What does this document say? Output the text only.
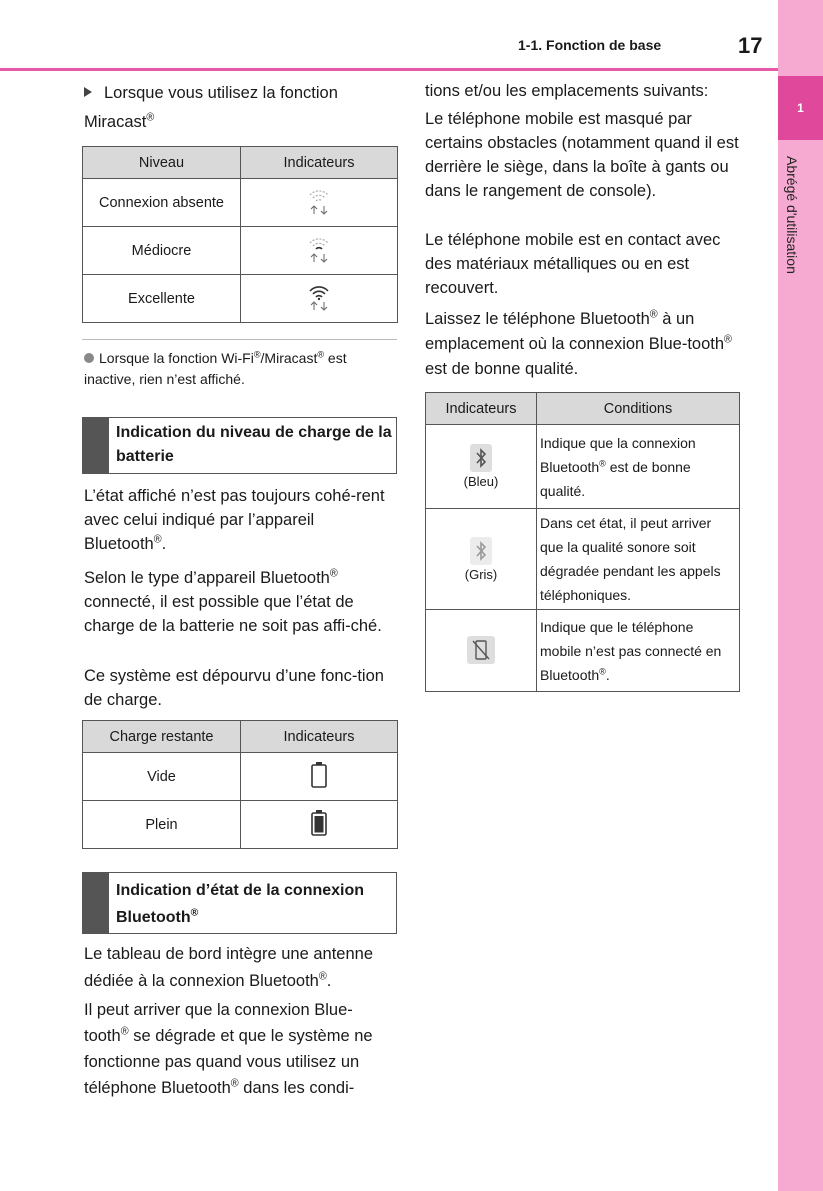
1-1. Fonction de base	17
1
Abrégé d'utilisation
Lorsque vous utilisez la fonction Miracast®
Niveau	Indicateurs
Connexion absente	
Médiocre	
Excellente	
Lorsque la fonction Wi-Fi®/Miracast® est inactive, rien n’est affiché.
Indication du niveau de charge de la batterie
L’état affiché n’est pas toujours cohé-rent avec celui indiqué par l’appareil Bluetooth®.
Selon le type d’appareil Bluetooth® connecté, il est possible que l’état de charge de la batterie ne soit pas affi-ché.
Ce système est dépourvu d’une fonc-tion de charge.
Charge restante	Indicateurs
Vide	
Plein	
Indication d’état de la connexion Bluetooth®
Le tableau de bord intègre une antenne dédiée à la connexion Bluetooth®.
Il peut arriver que la connexion Blue-
tooth® se dégrade et que le système ne
fonctionne pas quand vous utilisez un
téléphone Bluetooth® dans les condi-
tions et/ou les emplacements suivants:
Le téléphone mobile est masqué par certains obstacles (notamment quand il est derrière le siège, dans la boîte à gants ou dans le rangement de console).
Le téléphone mobile est en contact avec des matériaux métalliques ou en est recouvert.
Laissez le téléphone Bluetooth® à un emplacement où la connexion Blue-tooth® est de bonne qualité.
Indicateurs	Conditions

(Bleu)	Indique que la connexion Bluetooth® est de bonne qualité.

(Gris)	Dans cet état, il peut arriver que la qualité sonore soit dégradée pendant les appels téléphoniques.

	Indique que le téléphone mobile n’est pas connecté en Bluetooth®.
